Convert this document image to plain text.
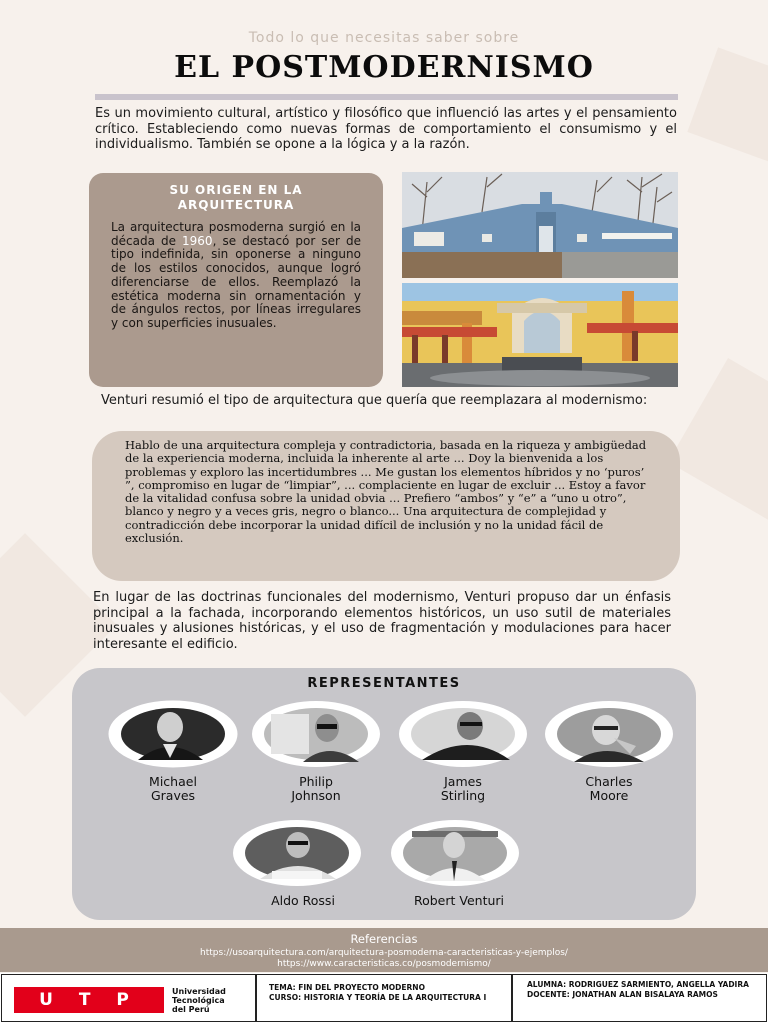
Todo lo que necesitas saber sobre
EL POSTMODERNISMO
Es un movimiento cultural, artístico y filosófico que influenció las artes y el pensamiento crítico. Estableciendo como nuevas formas de comportamiento el consumismo y el individualismo. También se opone a la lógica y a la razón.
SU ORIGEN EN LA
ARQUITECTURA
La arquitectura posmoderna surgió en la década de 1960, se destacó por ser de tipo indefinida, sin oponerse a ninguno de los estilos conocidos, aunque logró diferenciarse de ellos. Reemplazó la estética moderna sin ornamentación y de ángulos rectos, por líneas irregulares y con superficies inusuales.
Venturi resumió el tipo de arquitectura que quería que reemplazara al modernismo:
Hablo de una arquitectura compleja y contradictoria, basada en la riqueza y ambigüedad de la experiencia moderna, incluida la inherente al arte ... Doy la bienvenida a los problemas y exploro las incertidumbres ... Me gustan los elementos híbridos y no ‘puros’ ”, compromiso en lugar de “limpiar”, ... complaciente en lugar de excluir ... Estoy a favor de la vitalidad confusa sobre la unidad obvia ... Prefiero “ambos” y “e” a “uno u otro”, blanco y negro y a veces gris, negro o blanco... Una arquitectura de complejidad y contradicción debe incorporar la unidad difícil de inclusión y no la unidad fácil de exclusión.
En lugar de las doctrinas funcionales del modernismo, Venturi propuso dar un énfasis principal a la fachada, incorporando elementos históricos, un uso sutil de materiales inusuales y alusiones históricas, y el uso de fragmentación y modulaciones para hacer interesante el edificio.
REPRESENTANTES
Michael
Graves
Philip
Johnson
James
Stirling
Charles
Moore
Aldo Rossi	Robert Venturi
Referencias
https://usoarquitectura.com/arquitectura-posmoderna-caracteristicas-y-ejemplos/
https://www.caracteristicas.co/posmodernismo/
U T P	Universidad
Tecnológica
del Perú
TEMA: FIN DEL PROYECTO MODERNO
CURSO: HISTORIA Y TEORÍA DE LA ARQUITECTURA I
ALUMNA: RODRIGUEZ SARMIENTO, ANGELLA YADIRA
DOCENTE: JONATHAN ALAN BISALAYA RAMOS
